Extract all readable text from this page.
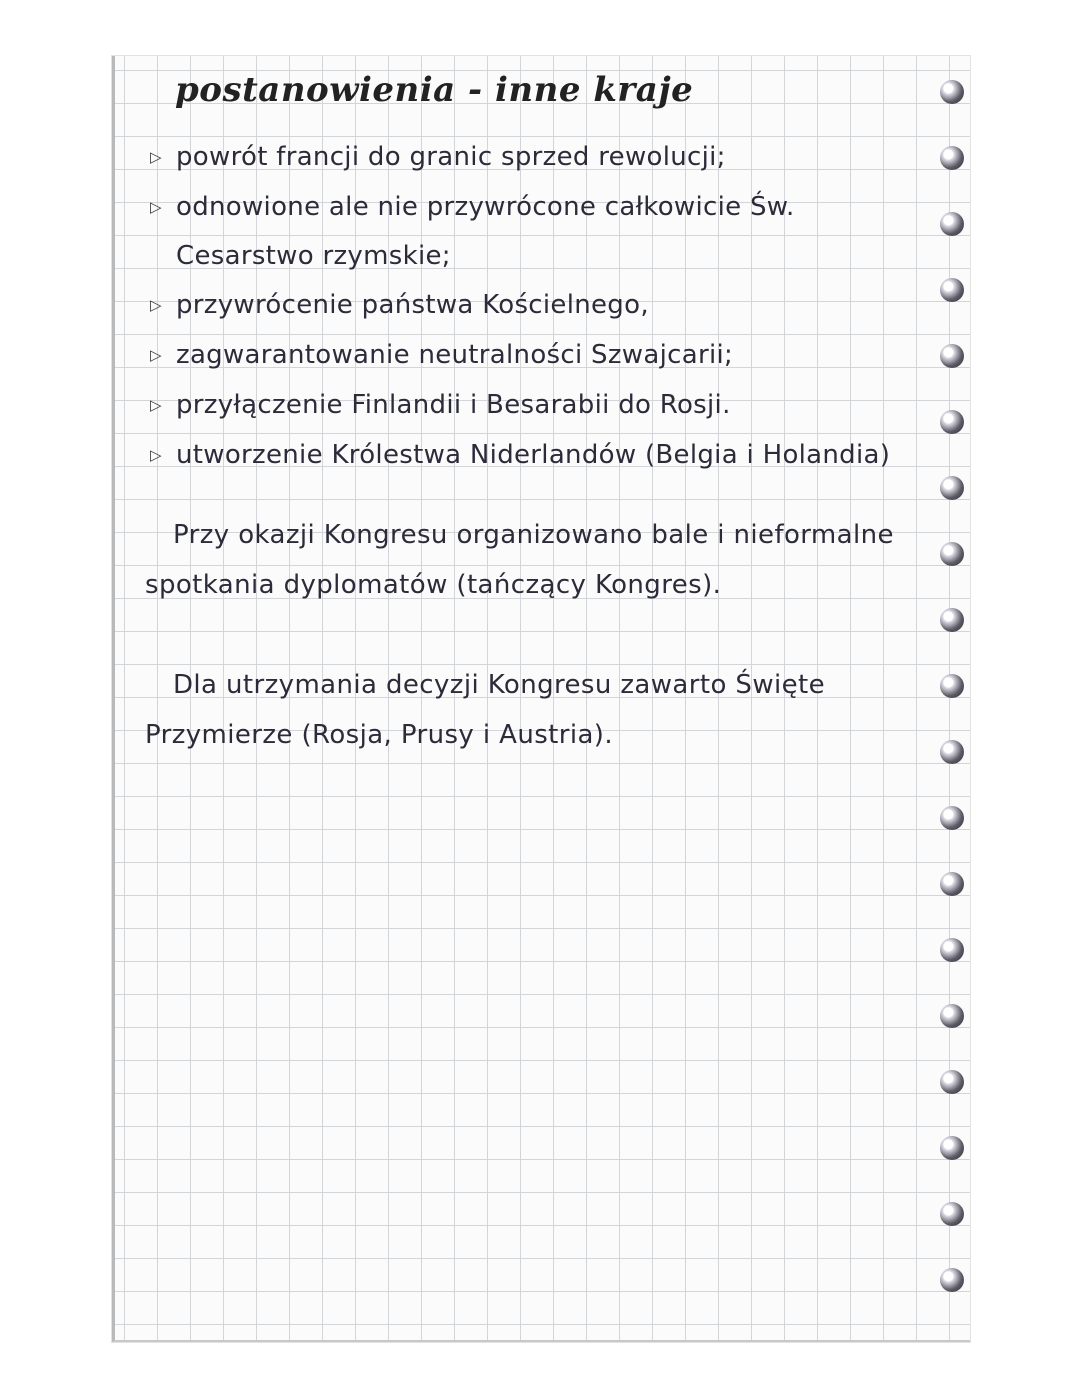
postanowienia - inne kraje
▷ powrót francji do granic sprzed rewolucji;
▷ odnowione ale nie przywrócone całkowicie Św.
Cesarstwo rzymskie;
▷ przywrócenie państwa Kościelnego,
▷ zagwarantowanie neutralności Szwajcarii;
▷ przyłączenie Finlandii i Besarabii do Rosji.
▷ utworzenie Królestwa Niderlandów (Belgia i Holandia)

Przy okazji Kongresu organizowano bale i nieformalne spotkania dyplomatów (tańczący Kongres).

Dla utrzymania decyzji Kongresu zawarto Święte Przymierze (Rosja, Prusy i Austria).
